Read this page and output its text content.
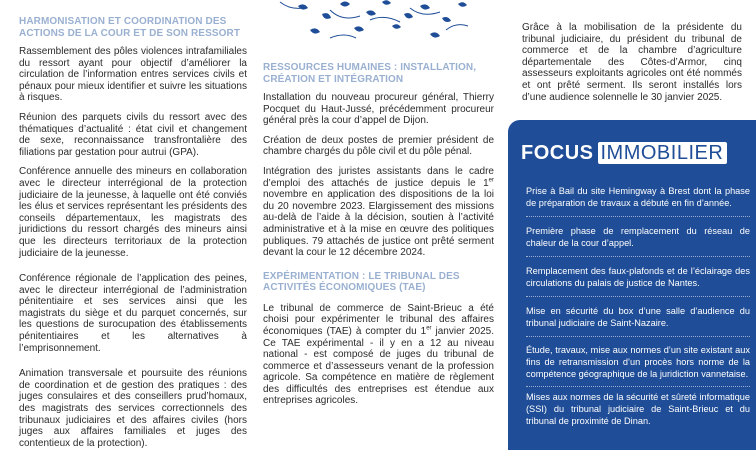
HARMONISATION ET COORDINATION DES ACTIONS DE LA COUR ET DE SON RESSORT

Rassemblement des pôles violences intrafamiliales du ressort ayant pour objectif d’améliorer la circulation de l’information entres services civils et pénaux pour mieux identifier et suivre les situations à risques.

Réunion des parquets civils du ressort avec des thématiques d’actualité : état civil et changement de sexe, reconnaissance transfrontalière des filiations par gestation pour autrui (GPA).

Conférence annuelle des mineurs en collaboration avec le directeur interrégional de la protection judiciaire de la jeunesse, à laquelle ont été conviés les élus et services représentant les présidents des conseils départementaux, les magistrats des juridictions du ressort chargés des mineurs ainsi que les directeurs territoriaux de la protection judiciaire de la jeunesse.

Conférence régionale de l’application des peines, avec le directeur interrégional de l’administration pénitentiaire et ses services ainsi que les magistrats du siège et du parquet concernés, sur les questions de surocupation des établissements pénitentiaires et les alternatives à l’emprisonnement.

Animation transversale et poursuite des réunions de coordination et de gestion des pratiques : des juges consulaires et des conseillers prud’homaux, des magistrats des services correctionnels des tribunaux judiciaires et des affaires civiles (hors juges aux affaires familiales et juges des contentieux de la protection).

RESSOURCES HUMAINES : INSTALLATION, CRÉATION ET INTÉGRATION

Installation du nouveau procureur général, Thierry Pocquet du Haut-Jussé, précédemment procureur général près la cour d’appel de Dijon.

Création de deux postes de premier président de chambre chargés du pôle civil et du pôle pénal.

Intégration des juristes assistants dans le cadre d’emploi des attachés de justice depuis le 1er novembre en application des dispositions de la loi du 20 novembre 2023. Elargissement des missions au-delà de l’aide à la décision, soutien à l’activité administrative et à la mise en œuvre des politiques publiques. 79 attachés de justice ont prêté serment devant la cour le 12 décembre 2024.

EXPÉRIMENTATION : LE TRIBUNAL DES ACTIVITÉS ÉCONOMIQUES (TAE)

Le tribunal de commerce de Saint-Brieuc a été choisi pour expérimenter le tribunal des affaires économiques (TAE) à compter du 1er janvier 2025. Ce TAE expérimental - il y en a 12 au niveau national - est composé de juges du tribunal de commerce et d’assesseurs venant de la profession agricole. Sa compétence en matière de règlement des difficultés des entreprises est étendue aux entreprises agricoles.

Grâce à la mobilisation de la présidente du tribunal judiciaire, du président du tribunal de commerce et de la chambre d’agriculture départementale des Côtes-d’Armor, cinq assesseurs exploitants agricoles ont été nommés et ont prêté serment. Ils seront installés lors d’une audience solennelle le 30 janvier 2025.

FOCUS IMMOBILIER
Prise à Bail du site Hemingway à Brest dont la phase de préparation de travaux a débuté en fin d’année.
Première phase de remplacement du réseau de chaleur de la cour d’appel.
Remplacement des faux-plafonds et de l’éclairage des circulations du palais de justice de Nantes.
Mise en sécurité du box d’une salle d’audience du tribunal judiciaire de Saint-Nazaire.
Étude, travaux, mise aux normes d’un site existant aux fins de retransmission d’un procès hors norme de la compétence géographique de la juridiction vannetaise.
Mises aux normes de la sécurité et sûreté informatique (SSI) du tribunal judiciaire de Saint-Brieuc et du tribunal de proximité de Dinan.
